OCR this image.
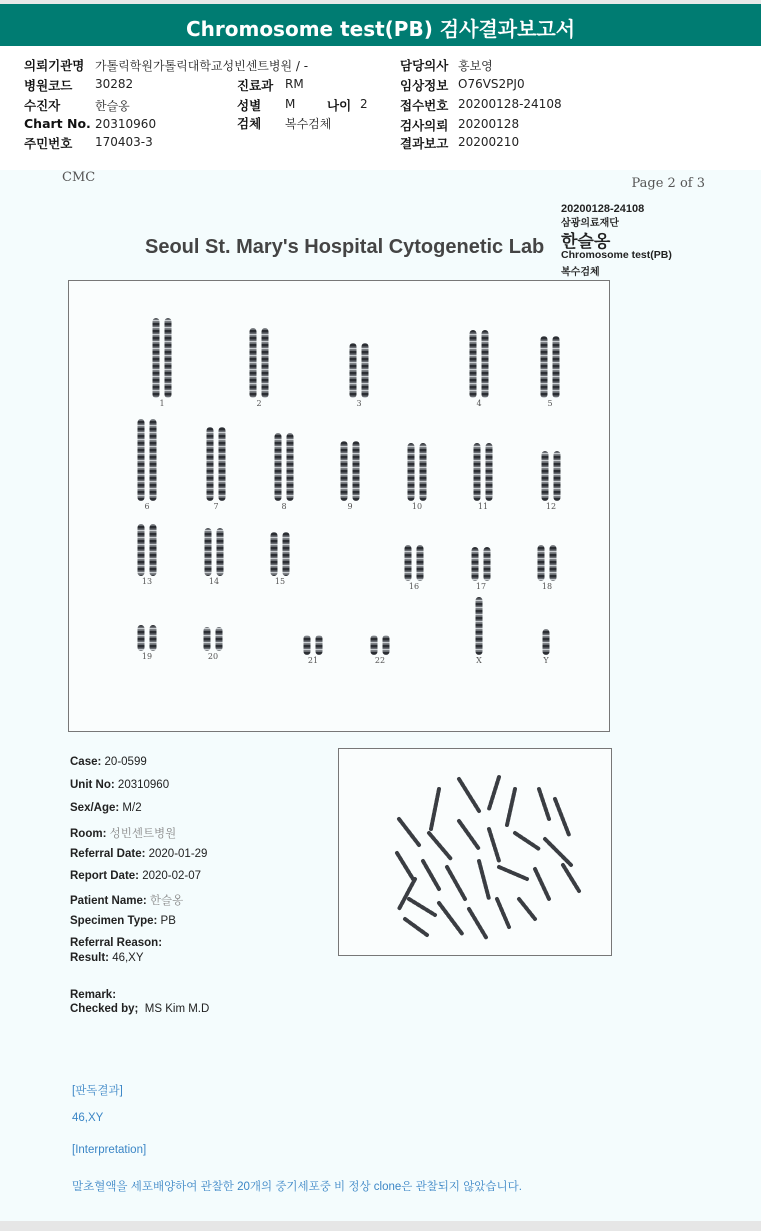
Chromosome test(PB) 검사결과보고서
의뢰기관명 가톨릭학원가톨릭대학교성빈센트병원 / -	담당의사 홍보영
병원코드 30282	진료과 RM	임상정보 O76VS2PJ0
수진자	한슬옹	성별 M	나이 2	접수번호 20200128-24108
Chart No. 20310960	검체 복수검체	검사의뢰 20200128
주민번호 170403-3	결과보고 20200210
CMC	Page 2 of 3
20200128-24108
삼광의료재단
한슬옹
Chromosome test(PB)
복수검체
Seoul St. Mary's Hospital Cytogenetic Lab
1	2	3	4	5
6	7	8	9	10	11	12
13	14	15
16	17	18
19	20	21	22	X	Y
Case: 20-0599
Unit No: 20310960
Sex/Age: M/2
Room: 성빈센트병원
Referral Date: 2020-01-29
Report Date: 2020-02-07
Patient Name: 한슬옹
Specimen Type: PB
Referral Reason:
Result: 46,XY
Remark:
Checked by; MS Kim M.D
[판독결과]
46,XY
[Interpretation]
말초혈액을 세포배양하여 관찰한 20개의 중기세포중 비 정상 clone은 관찰되지 않았습니다.
